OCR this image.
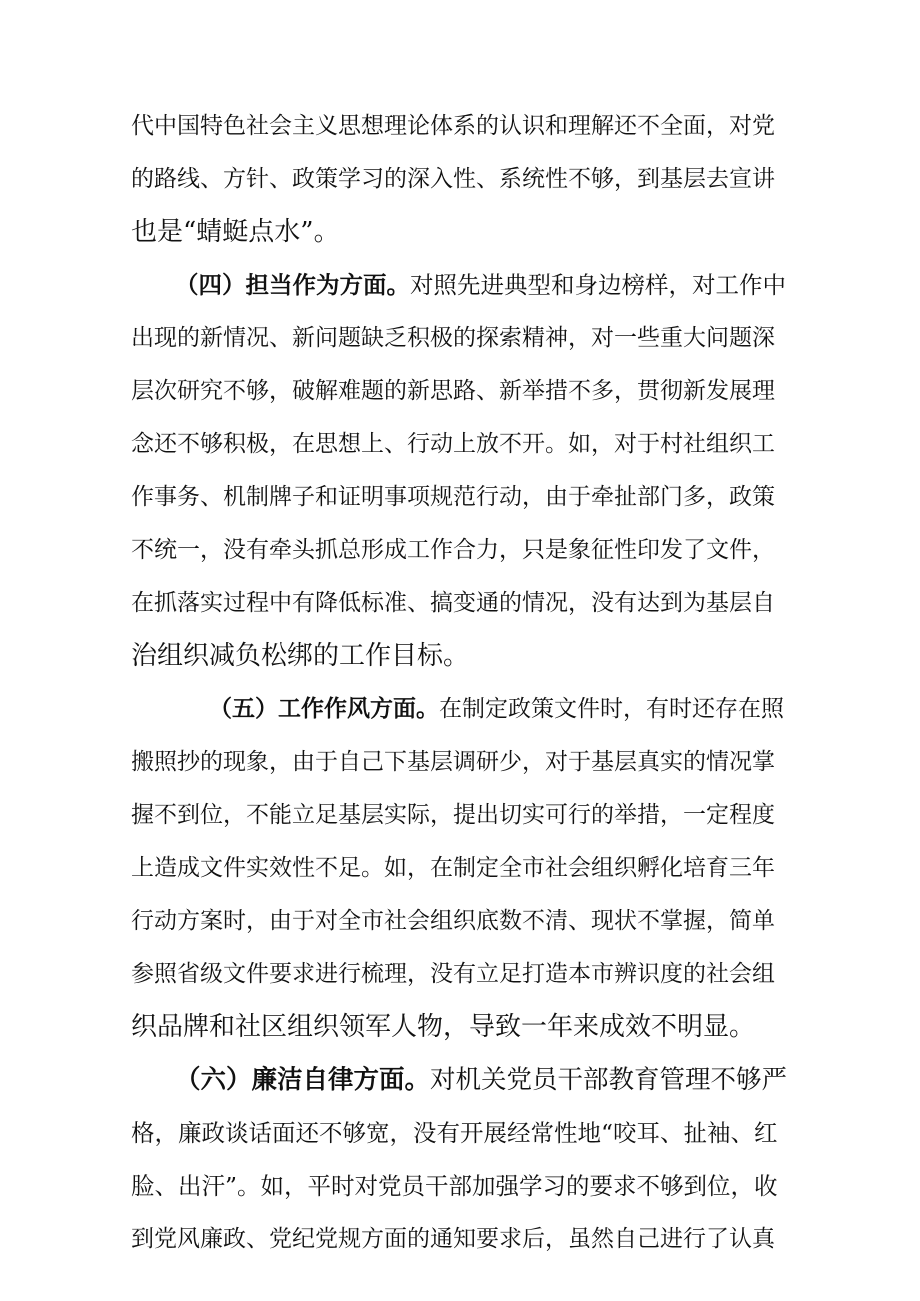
代中国特色社会主义思想理论体系的认识和理解还不全面，对党
的路线、方针、政策学习的深入性、系统性不够，到基层去宣讲
也是“蜻蜓点水”。
（四）担当作为方面。对照先进典型和身边榜样，对工作中
出现的新情况、新问题缺乏积极的探索精神，对一些重大问题深
层次研究不够，破解难题的新思路、新举措不多，贯彻新发展理
念还不够积极，在思想上、行动上放不开。如，对于村社组织工
作事务、机制牌子和证明事项规范行动，由于牵扯部门多，政策
不统一，没有牵头抓总形成工作合力，只是象征性印发了文件，
在抓落实过程中有降低标准、搞变通的情况，没有达到为基层自
治组织减负松绑的工作目标。
（五）工作作风方面。在制定政策文件时，有时还存在照
搬照抄的现象，由于自己下基层调研少，对于基层真实的情况掌
握不到位，不能立足基层实际，提出切实可行的举措，一定程度
上造成文件实效性不足。如，在制定全市社会组织孵化培育三年
行动方案时，由于对全市社会组织底数不清、现状不掌握，简单
参照省级文件要求进行梳理，没有立足打造本市辨识度的社会组
织品牌和社区组织领军人物，导致一年来成效不明显。
（六）廉洁自律方面。对机关党员干部教育管理不够严
格，廉政谈话面还不够宽，没有开展经常性地“咬耳、扯袖、红
脸、出汗”。如，平时对党员干部加强学习的要求不够到位，收
到党风廉政、党纪党规方面的通知要求后，虽然自己进行了认真
